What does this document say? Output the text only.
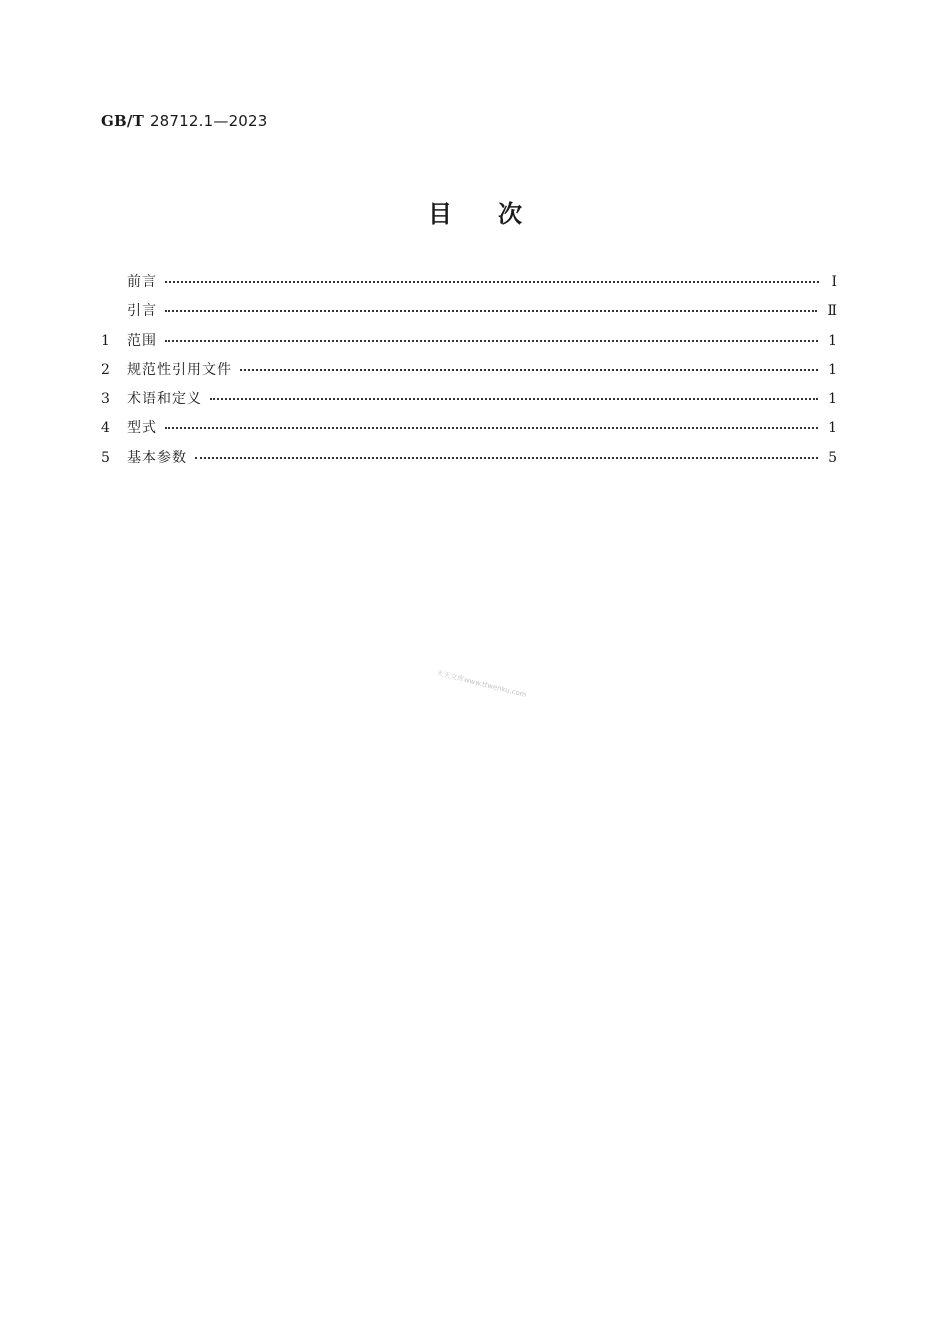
GB/T 28712.1—2023
目次
前言	Ⅰ
引言	Ⅱ
1	范围	1
2	规范性引用文件	1
3	术语和定义	1
4	型式	1
5	基本参数	5
天天文库www.ttwenku.com
